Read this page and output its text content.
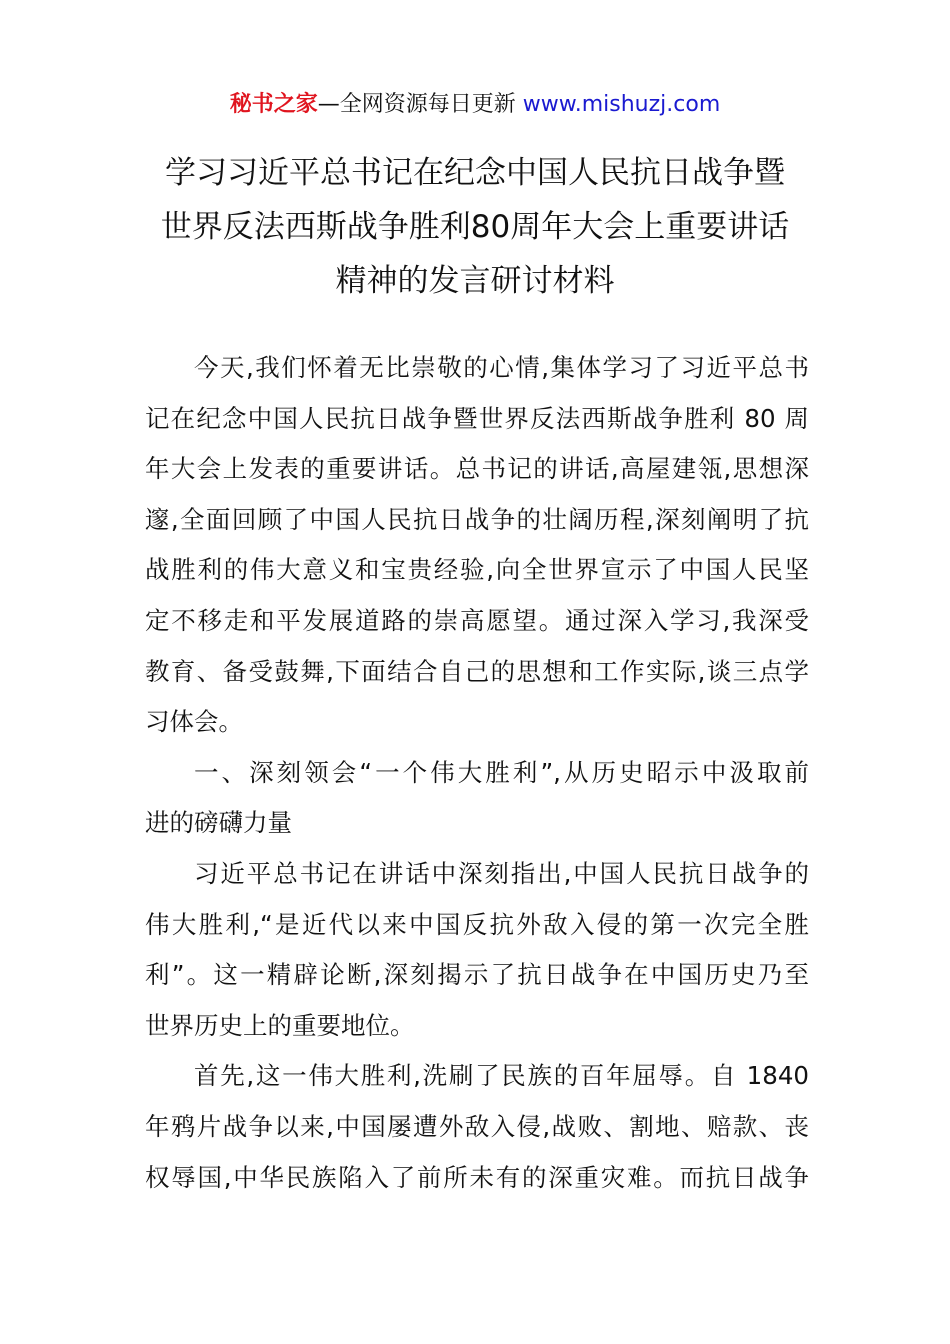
秘书之家—全网资源每日更新 www.mishuzj.com
学习习近平总书记在纪念中国人民抗日战争暨
世界反法西斯战争胜利80周年大会上重要讲话
精神的发言研讨材料
今天,我们怀着无比崇敬的心情,集体学习了习近平总书
记在纪念中国人民抗日战争暨世界反法西斯战争胜利 80 周
年大会上发表的重要讲话。总书记的讲话,高屋建瓴,思想深
邃,全面回顾了中国人民抗日战争的壮阔历程,深刻阐明了抗
战胜利的伟大意义和宝贵经验,向全世界宣示了中国人民坚
定不移走和平发展道路的崇高愿望。通过深入学习,我深受
教育、备受鼓舞,下面结合自己的思想和工作实际,谈三点学
习体会。
一、深刻领会“一个伟大胜利”,从历史昭示中汲取前
进的磅礴力量
习近平总书记在讲话中深刻指出,中国人民抗日战争的
伟大胜利,“是近代以来中国反抗外敌入侵的第一次完全胜
利”。这一精辟论断,深刻揭示了抗日战争在中国历史乃至
世界历史上的重要地位。
首先,这一伟大胜利,洗刷了民族的百年屈辱。自 1840
年鸦片战争以来,中国屡遭外敌入侵,战败、割地、赔款、丧
权辱国,中华民族陷入了前所未有的深重灾难。而抗日战争
